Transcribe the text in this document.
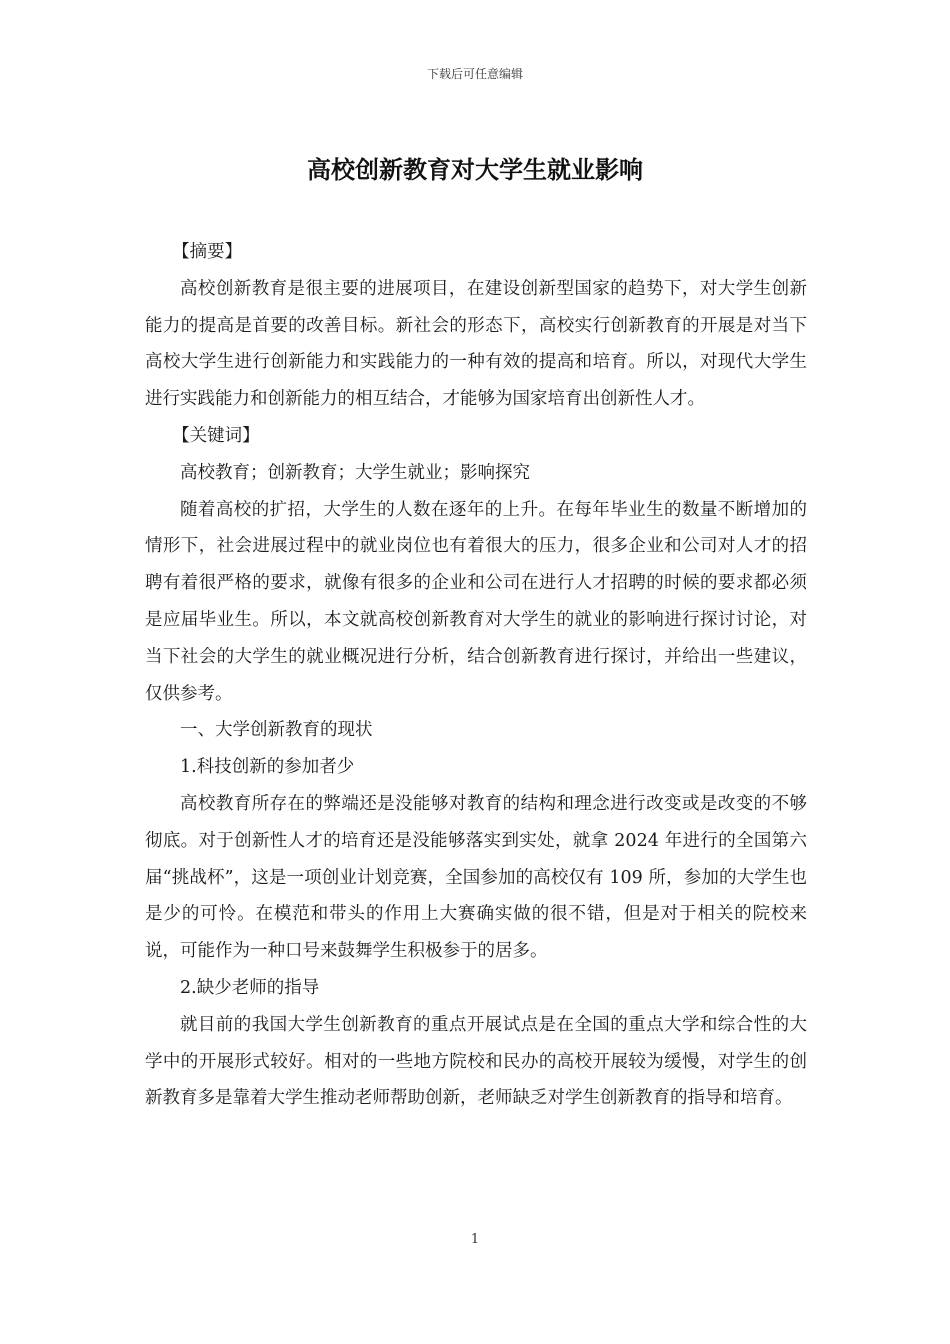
下载后可任意编辑
高校创新教育对大学生就业影响

【摘要】

高校创新教育是很主要的进展项目，在建设创新型国家的趋势下，对大学生创新能力的提高是首要的改善目标。新社会的形态下，高校实行创新教育的开展是对当下高校大学生进行创新能力和实践能力的一种有效的提高和培育。所以，对现代大学生进行实践能力和创新能力的相互结合，才能够为国家培育出创新性人才。

【关键词】

高校教育；创新教育；大学生就业；影响探究

随着高校的扩招，大学生的人数在逐年的上升。在每年毕业生的数量不断增加的情形下，社会进展过程中的就业岗位也有着很大的压力，很多企业和公司对人才的招聘有着很严格的要求，就像有很多的企业和公司在进行人才招聘的时候的要求都必须是应届毕业生。所以，本文就高校创新教育对大学生的就业的影响进行探讨讨论，对当下社会的大学生的就业概况进行分析，结合创新教育进行探讨，并给出一些建议，仅供参考。

一、大学创新教育的现状

1.科技创新的参加者少

高校教育所存在的弊端还是没能够对教育的结构和理念进行改变或是改变的不够彻底。对于创新性人才的培育还是没能够落实到实处，就拿 2024 年进行的全国第六届“挑战杯”，这是一项创业计划竞赛，全国参加的高校仅有 109 所，参加的大学生也是少的可怜。在模范和带头的作用上大赛确实做的很不错，但是对于相关的院校来说，可能作为一种口号来鼓舞学生积极参于的居多。

2.缺少老师的指导

就目前的我国大学生创新教育的重点开展试点是在全国的重点大学和综合性的大学中的开展形式较好。相对的一些地方院校和民办的高校开展较为缓慢，对学生的创新教育多是靠着大学生推动老师帮助创新，老师缺乏对学生创新教育的指导和培育。

1
